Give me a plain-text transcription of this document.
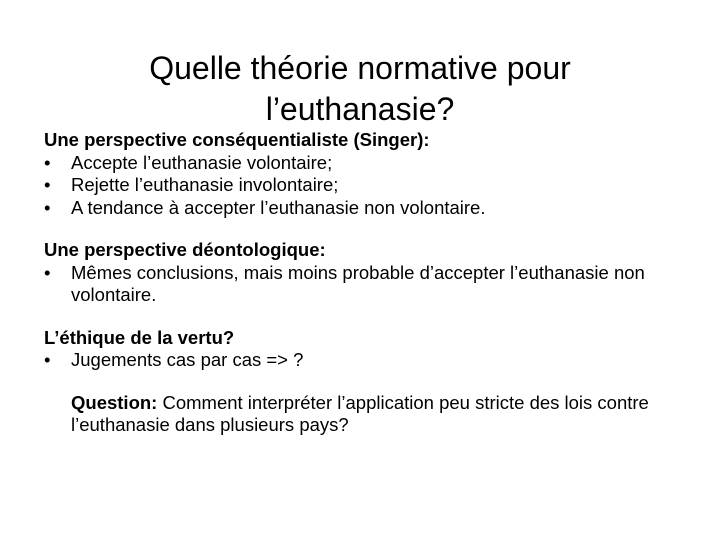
Quelle théorie normative pour
l’euthanasie?
Une perspective conséquentialiste (Singer):
• Accepte l’euthanasie volontaire;
• Rejette l’euthanasie involontaire;
• A tendance à accepter l’euthanasie non volontaire.
Une perspective déontologique:
• Mêmes conclusions, mais moins probable d’accepter l’euthanasie non volontaire.
L’éthique de la vertu?
• Jugements cas par cas => ?
Question: Comment interpréter l’application peu stricte des lois contre l’euthanasie dans plusieurs pays?
